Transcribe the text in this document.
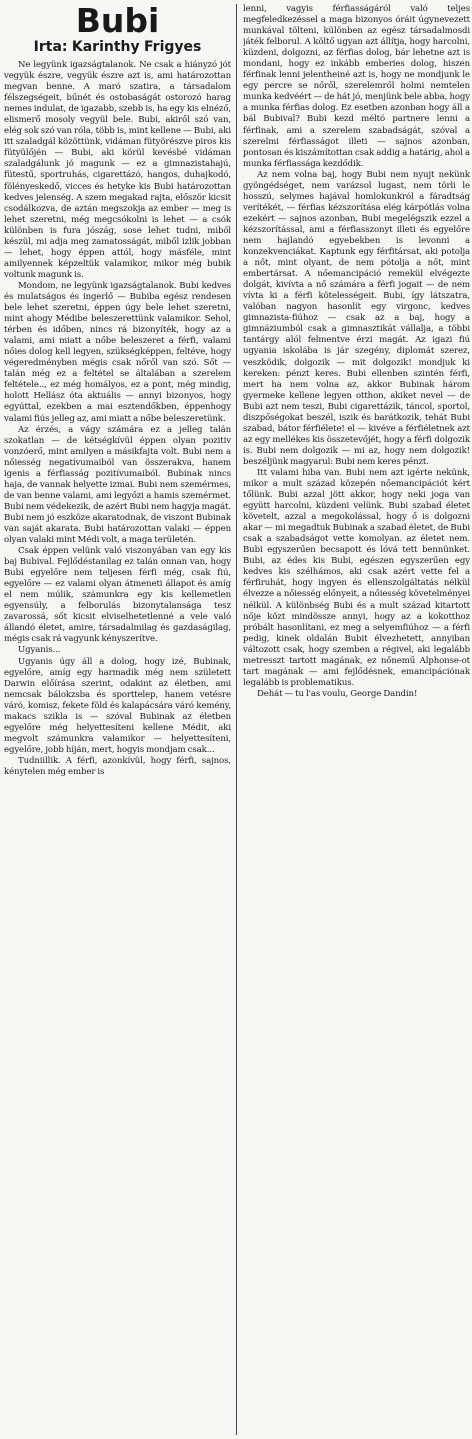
Bubi
Irta: Karinthy Frigyes

Ne legyünk igazságtalanok. Ne csak a hiányzó jót vegyük észre, vegyük észre azt is, ami határozottan megvan benne. A maró szatira, a társadalom félszegségeit, bűnét és ostobaságát ostorozó harag nemes indulat, de igazabb, szebb is, ha egy kis elnéző, elismerő mosoly vegyül bele. Bubi, akiről szó van, elég sok szó van róla, több is, mint kellene — Bubi, aki itt szaladgál közöttünk, vidáman fütyörészve piros kis fütyülőjén — Bubi, aki körül kevésbé vidáman szaladgálunk jó magunk — ez a gimnazistahajú, fütestű, sportruhás, cigarettázó, hangos, duhajkodó, fölényeskedő, vicces és hetyke kis Bubi határozottan kedves jelenség. A szem megakad rajta, először kicsit csodálkozva, de aztán megszokja az ember — meg is lehet szeretni, még megcsókolni is lehet — a csók különben is fura jószág, sose lehet tudni, miből készül, mi adja meg zamatosságát, miből izlik jobban — lehet, hogy éppen attól, hogy másféle, mint amilyennek képzeltük valamikor, mikor még bubik voltunk magunk is.

Mondom, ne legyünk igazságtalanok. Bubi kedves és mulatságos és ingerlő — Bubiba egész rendesen bele lehet szeretni, éppen úgy bele lehet szeretni, mint ahogy Médibe beleszerettünk valamikor. Sehol, térben és időben, nincs rá bizonyíték, hogy az a valami, ami miatt a nőbe beleszeret a férfi, valami nőies dolog kell legyen, szükségképpen, feltéve, hogy végeredményben mégis csak nőről van szó. Sőt — talán még ez a feltétel se általában a szerelem feltétele.., ez még homályos, ez a pont, még mindig, holott Hellász óta aktuális — annyi bizonyos, hogy egyúttal, ezekben a mai esztendőkben, éppenhogy valami fiús jelleg az, ami miatt a nőbe beleszeretünk.

Az érzés, a vágy számára ez a jelleg talán szokatlan — de kétségkívül éppen olyan pozitiv vonzóerő, mint amilyen a másikfajta volt. Bubi nem a nőiesség negatívumaiból van összerakva, hanem igenis a férfiasság pozitívumaiból. Bubinak nincs haja, de vannak helyette izmai. Bubi nem szemérmes, de van benne valami, ami legyőzi a hamis szemérmet. Bubi nem védekezik, de azért Bubi nem hagyja magát. Bubi nem jó eszköze akaratodnak, de viszont Bubinak van saját akarata. Bubi határozottan valaki — éppen olyan valaki mint Médi volt, a maga területén.

Csak éppen velünk való viszonyában van egy kis baj Bubival. Fejlődéstanilag ez talán onnan van, hogy Bubi egyelőre nem teljesen férfi még, csak fiú, egyelőre — ez valami olyan átmeneti állapot és amíg el nem múlik, számunkra egy kis kellemetlen egyensúly, a felborulás bizonytalansága tesz zavarossá, sőt kicsit elviselhetetlenné a vele való állandó életet, amire, társadalmilag és gazdaságilag, mégis csak rá vagyunk kényszerítve.

Ugyanis...

Ugyanis úgy áll a dolog, hogy izé, Bubinak, egyelőre, amíg egy harmadik még nem született Darwin előírása szerint, odakint az életben, ami nemcsak bálokzsba és sporttelep, hanem vetésre váró, komisz, fekete föld és kalapácsára váró kemény, makacs szikla is — szóval Bubinak az életben egyelőre még helyettesíteni kellene Médit, aki megvolt számunkra valamikor — helyettesíteni, egyelőre, jobb híján, mert, hogyis mondjam csak...

Tudniillik. A férfi, azonkívül, hogy férfi, sajnos, kénytelen még ember is

lenni, vagyis férfiasságáról való teljes megfeledkezéssel a maga bizonyos óráit úgynevezett munkával tölteni, különben az egész társadalmosdi játék felborul. A költő ugyan azt állítja, hogy harcolni, küzdeni, dolgozni, az férfias dolog, bár lehetne azt is mondani, hogy ez inkább emberies dolog, hiszen férfinak lenni jelentheiné azt is, hogy ne mondjunk le egy percre se nőről, szerelemről holmi nemtelen munka kedvéért — de hát jó, menjünk bele abba, hogy a munka férfias dolog. Ez esetben azonban hogy áll a bál Bubival? Bubi kezd méltó partnere lenni a férfinak, ami a szerelem szabadságát, szóval a szerelmi férfiasságot illeti — sajnos azonban, pontosan és kiszámítottan csak addig a határig, ahol a munka férfiassága kezdődik.

Az nem volna baj, hogy Bubi nem nyujt nekünk gyöngédséget, nem varázsol lugast, nem törli le hosszú, selymes hajával homlokunkról a fáradtság verítékét, — férfias kézszorítása elég kárpótlás volna ezekért — sajnos azonban, Bubi megelégszik ezzel a kézszorítással, ami a férfiasszonyt illeti és egyelőre nem hajlandó egyebekben is levonni a konzekvenciákat. Kaptunk egy férfitársat, aki potolja a nőt, mint olyant, de nem pótolja a nőt, mint embertársat. A nőemancipáció remekül elvégezte dolgát, kivívta a nő számára a férfi jogait — de nem vívta ki a férfi kötelességeit. Bubi, így látszatra, valóban nagyon hasonlít egy virgonc, kedves gimnazista-fiúhoz — csak az a baj, hogy a gimnáziumból csak a gimnasztikát vállalja, a többi tantárgy alól felmentve érzi magát. Az igazi fiú ugyania iskolába is jár szegény, diplomát szerez, veszködik, dolgozik — mit dolgozik! mondjuk ki kereken: pénzt keres. Bubi ellenben szintén férfi, mert ha nem volna az, akkor Bubinak három gyermeke kellene legyen otthon, akiket nevel — de Bubi azt nem teszi, Bubi cigarettázik, táncol, sportol, diszpőségokat beszél, iszik és barátkozik, tehát Bubi szabad, bátor férfiélete! el — kivéve a férfiéletnek azt az egy mellékes kis összetevőjét, hogy a férfi dolgozik is. Bubi nem dolgozik — mi az, hogy nem dolgozik! beszéljünk magyarul: Bubi nem keres pénzt.

Itt valami hiba van. Bubi nem azt igérte nekünk, mikor a mult század közepén nőemancipációt kért tőlünk. Bubi azzal jött akkor, hogy neki joga van együtt harcolni, küzdeni velünk. Bubi szabad életet követelt, azzal a megokolással, hogy ő is dolgozni akar — mi megadtuk Bubinak a szabad életet, de Bubi csak a szabadságot vette komolyan. az életet nem. Bubi egyszerűen becsapott és lóvá tett bennünket. Bubi, az édes kis Bubi, egészen egyszerűen egy kedves kis szélhámos, aki csak azért vette fel a férfiruhát, hogy ingyen és ellenszolgáltatás nélkül élvezze a nőiesség előnyeit, a nőiesség követelményei nélkül. A különbség Bubi és a mult század kitartott nője közt mindössze annyi, hogy az a kokotthoz próbált hasonlítani, ez meg a selyemfiúhoz — a férfi pedig, kinek oldalán Bubit élvezhetett, annyiban változott csak, hogy szemben a régivel, aki legalább metresszt tartott magának, ez nőnemű Alphonse-ot tart magának — ami fejlődésnek, emancipációnak legalább is problematikus.

Dehát — tu l'as voulu, George Dandin!
